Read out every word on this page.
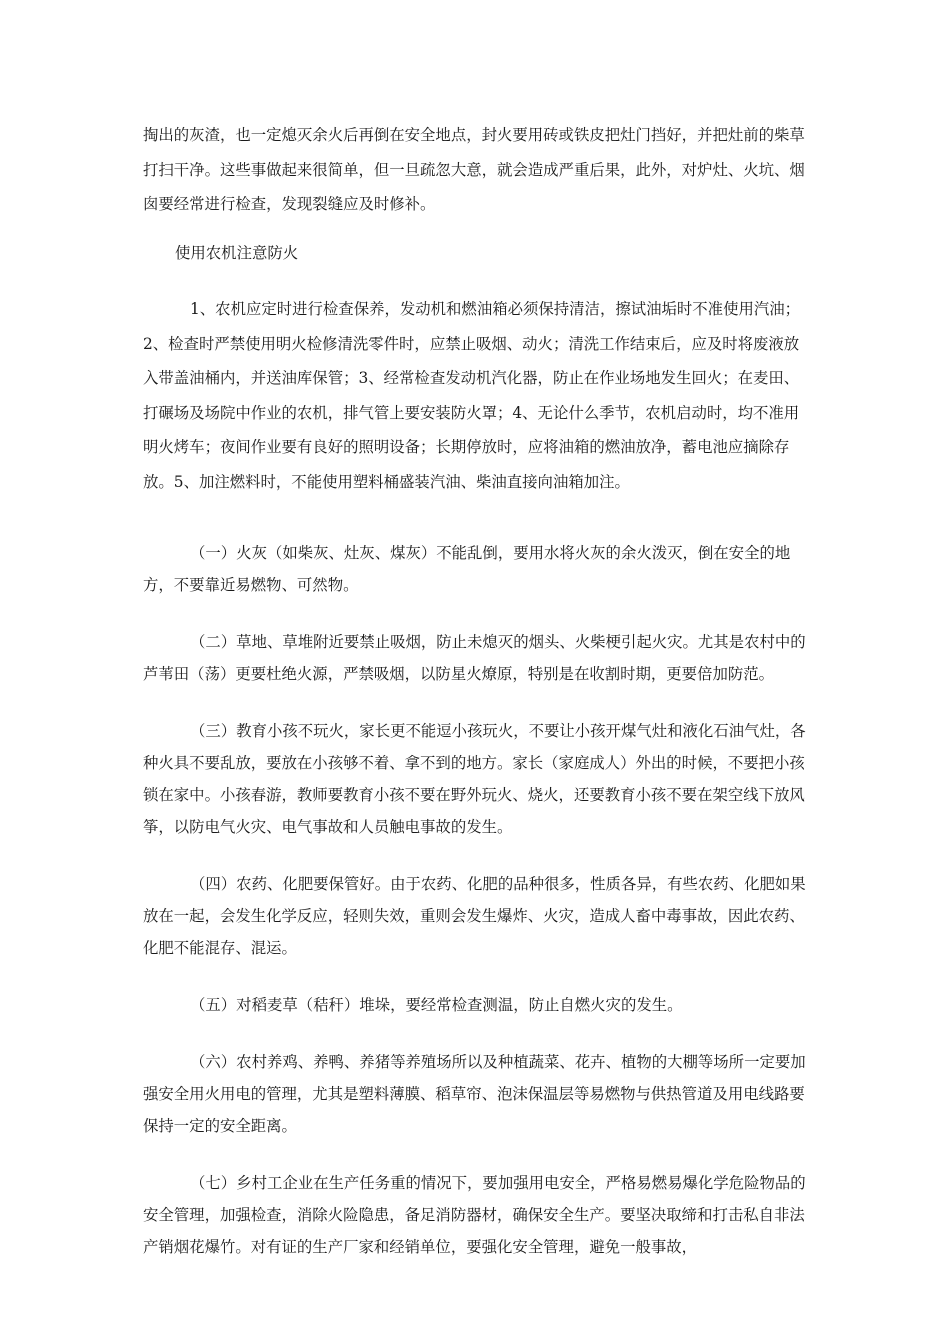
掏出的灰渣，也一定熄灭余火后再倒在安全地点，封火要用砖或铁皮把灶门挡好，并把灶前的柴草打扫干净。这些事做起来很简单，但一旦疏忽大意，就会造成严重后果，此外，对炉灶、火坑、烟囱要经常进行检查，发现裂缝应及时修补。

使用农机注意防火

1、农机应定时进行检查保养，发动机和燃油箱必须保持清洁，擦试油垢时不准使用汽油；2、检查时严禁使用明火检修清洗零件时，应禁止吸烟、动火；清洗工作结束后，应及时将废液放入带盖油桶内，并送油库保管；3、经常检查发动机汽化器，防止在作业场地发生回火；在麦田、打碾场及场院中作业的农机，排气管上要安装防火罩；4、无论什么季节，农机启动时，均不准用明火烤车；夜间作业要有良好的照明设备；长期停放时，应将油箱的燃油放净，蓄电池应摘除存放。5、加注燃料时，不能使用塑料桶盛装汽油、柴油直接向油箱加注。

（一）火灰（如柴灰、灶灰、煤灰）不能乱倒，要用水将火灰的余火泼灭，倒在安全的地方，不要靠近易燃物、可然物。

（二）草地、草堆附近要禁止吸烟，防止未熄灭的烟头、火柴梗引起火灾。尤其是农村中的芦苇田（荡）更要杜绝火源，严禁吸烟，以防星火燎原，特别是在收割时期，更要倍加防范。

（三）教育小孩不玩火，家长更不能逗小孩玩火，不要让小孩开煤气灶和液化石油气灶，各种火具不要乱放，要放在小孩够不着、拿不到的地方。家长（家庭成人）外出的时候，不要把小孩锁在家中。小孩春游，教师要教育小孩不要在野外玩火、烧火，还要教育小孩不要在架空线下放风筝，以防电气火灾、电气事故和人员触电事故的发生。

（四）农药、化肥要保管好。由于农药、化肥的品种很多，性质各异，有些农药、化肥如果放在一起，会发生化学反应，轻则失效，重则会发生爆炸、火灾，造成人畜中毒事故，因此农药、化肥不能混存、混运。

（五）对稻麦草（秸秆）堆垛，要经常检查测温，防止自燃火灾的发生。

（六）农村养鸡、养鸭、养猪等养殖场所以及种植蔬菜、花卉、植物的大棚等场所一定要加强安全用火用电的管理，尤其是塑料薄膜、稻草帘、泡沫保温层等易燃物与供热管道及用电线路要保持一定的安全距离。

（七）乡村工企业在生产任务重的情况下，要加强用电安全，严格易燃易爆化学危险物品的安全管理，加强检查，消除火险隐患，备足消防器材，确保安全生产。要坚决取缔和打击私自非法产销烟花爆竹。对有证的生产厂家和经销单位，要强化安全管理，避免一般事故，
